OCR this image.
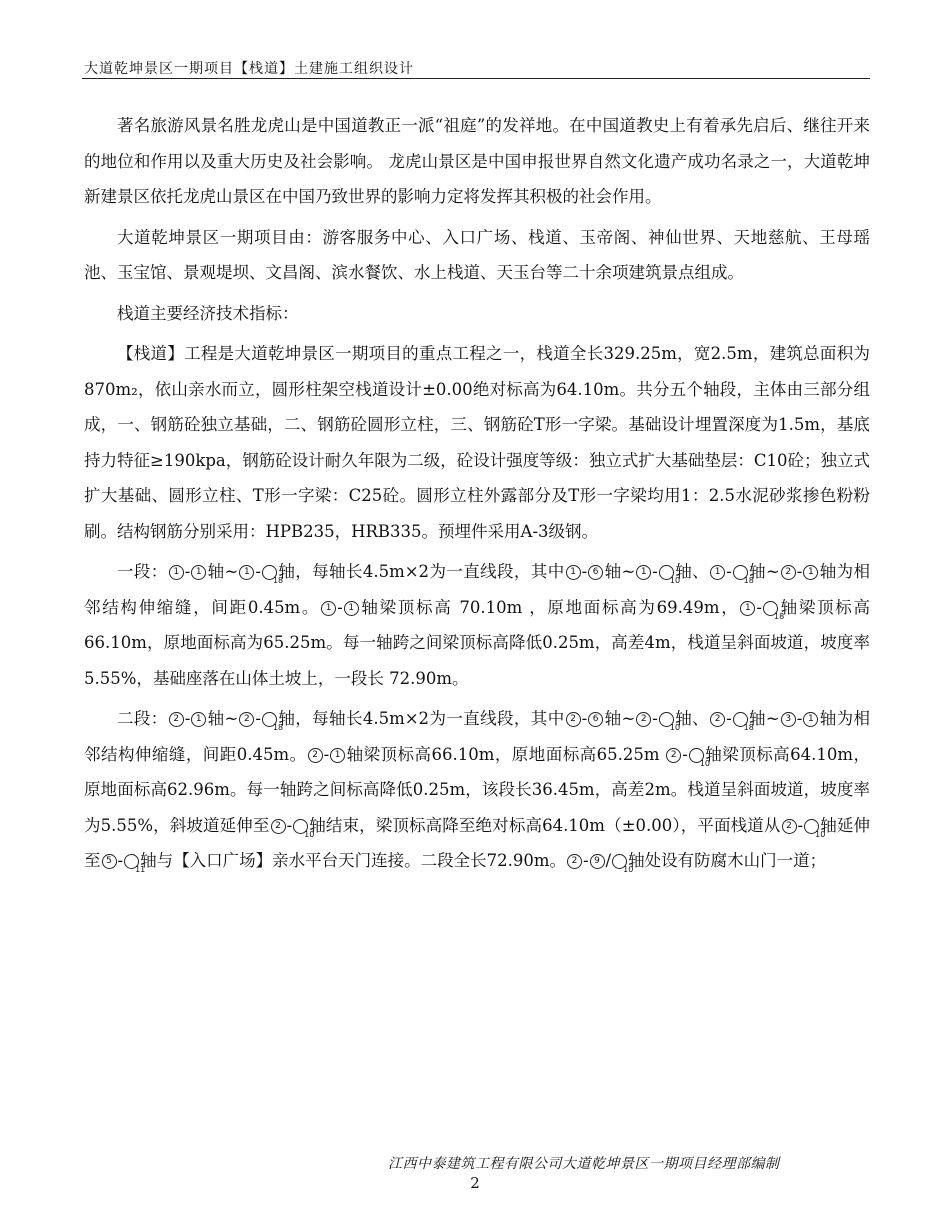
大道乾坤景区一期项目【栈道】土建施工组织设计

著名旅游风景名胜龙虎山是中国道教正一派“祖庭”的发祥地。在中国道教史上有着承先启后、继往开来的地位和作用以及重大历史及社会影响。 龙虎山景区是中国申报世界自然文化遗产成功名录之一，大道乾坤新建景区依托龙虎山景区在中国乃致世界的影响力定将发挥其积极的社会作用。

大道乾坤景区一期项目由：游客服务中心、入口广场、栈道、玉帝阁、神仙世界、天地慈航、王母瑶池、玉宝馆、景观堤坝、文昌阁、滨水餐饮、水上栈道、天玉台等二十余项建筑景点组成。

栈道主要经济技术指标：

【栈道】工程是大道乾坤景区一期项目的重点工程之一，栈道全长329.25m，宽2.5m，建筑总面积为870m₂，依山亲水而立，圆形柱架空栈道设计±0.00绝对标高为64.10m。共分五个轴段，主体由三部分组成，一、钢筋砼独立基础，二、钢筋砼圆形立柱，三、钢筋砼T形一字梁。基础设计埋置深度为1.5m，基底持力特征≥190kpa，钢筋砼设计耐久年限为二级，砼设计强度等级：独立式扩大基础垫层：C10砼；独立式扩大基础、圆形立柱、T形一字梁：C25砼。圆形立柱外露部分及T形一字梁均用1：2.5水泥砂浆掺色粉粉刷。结构钢筋分别采用：HPB235，HRB335。预埋件采用A-3级钢。

一段： 1 - 1 轴~ 1 - 18
轴，每轴长4.5m×2为一直线段，其中 1 - 6 轴~ 1 - 10
轴、 1 - 18
轴~ 2 - 1 轴为相邻结构伸缩缝，间距0.45m。 1 - 1 轴梁顶标高 70.10m ，原地面标高为69.49m， 1 - 18
轴梁顶标高66.10m，原地面标高为65.25m。每一轴跨之间梁顶标高降低0.25m，高差4m，栈道呈斜面坡道，坡度率 5.55%，基础座落在山体土坡上，一段长 72.90m。

二段： 2 - 1 轴~ 2 - 18
轴，每轴长4.5m×2为一直线段，其中 2 - 6 轴~ 2 - 10
轴、 2 - 18
轴~ 3 - 1 轴为相邻结构伸缩缝，间距0.45m。 2 - 1 轴梁顶标高66.10m，原地面标高65.25m 2 - 10
轴梁顶标高64.10m，原地面标高62.96m。每一轴跨之间标高降低0.25m，该段长36.45m，高差2m。栈道呈斜面坡道，坡度率为5.55%，斜坡道延伸至 2 - 10
轴结束，梁顶标高降至绝对标高64.10m（±0.00），平面栈道从 2 - 10
轴延伸至 5 - 11
轴与【入口广场】亲水平台天门连接。二段全长72.90m。 2 - 9 / 10
轴处设有防腐木山门一道；

江西中泰建筑工程有限公司大道乾坤景区一期项目经理部编制
2
